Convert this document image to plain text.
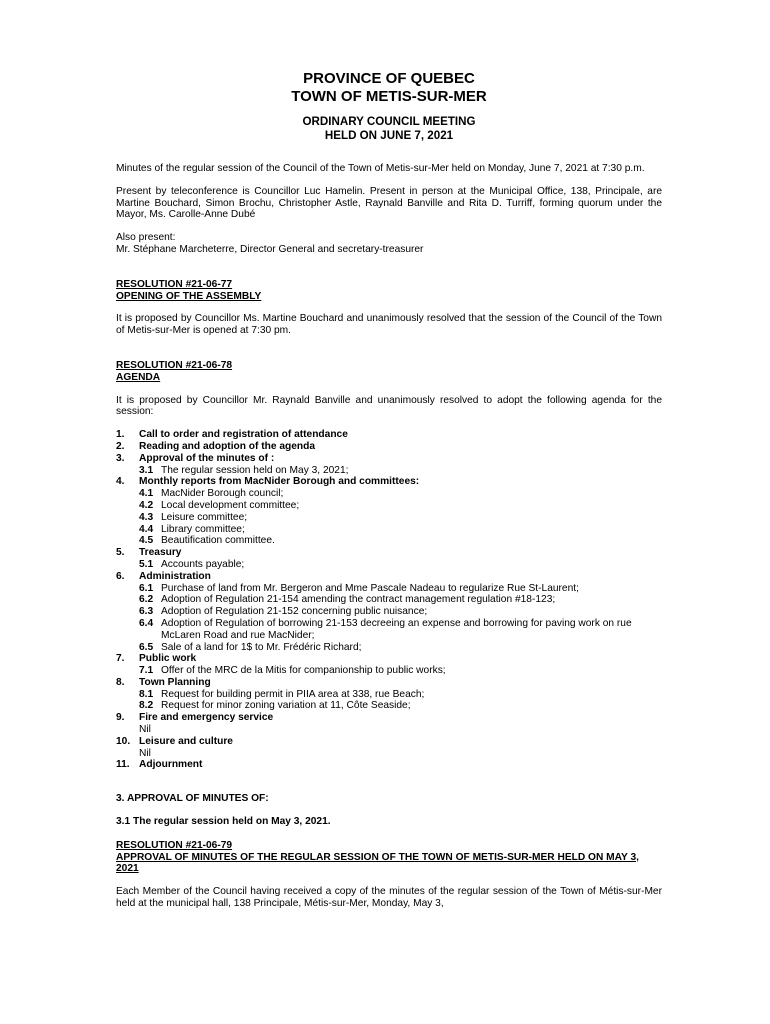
PROVINCE OF QUEBEC
TOWN OF METIS-SUR-MER
ORDINARY COUNCIL MEETING
HELD ON JUNE 7, 2021

Minutes of the regular session of the Council of the Town of Metis-sur-Mer held on Monday, June 7, 2021 at 7:30 p.m.

Present by teleconference is Councillor Luc Hamelin. Present in person at the Municipal Office, 138, Principale, are Martine Bouchard, Simon Brochu, Christopher Astle, Raynald Banville and Rita D. Turriff, forming quorum under the Mayor, Ms. Carolle-Anne Dubé

Also present:

Mr. Stéphane Marcheterre, Director General and secretary-treasurer

RESOLUTION #21-06-77
OPENING OF THE ASSEMBLY

It is proposed by Councillor Ms. Martine Bouchard and unanimously resolved that the session of the Council of the Town of Metis-sur-Mer is opened at 7:30 pm.

RESOLUTION #21-06-78
AGENDA

It is proposed by Councillor Mr. Raynald Banville and unanimously resolved to adopt the following agenda for the session:

1. Call to order and registration of attendance
2. Reading and adoption of the agenda
3. Approval of the minutes of :
3.1 The regular session held on May 3, 2021;
4. Monthly reports from MacNider Borough and committees:
4.1 MacNider Borough council;
4.2 Local development committee;
4.3 Leisure committee;
4.4 Library committee;
4.5 Beautification committee.
5. Treasury
5.1 Accounts payable;
6. Administration
6.1 Purchase of land from Mr. Bergeron and Mme Pascale Nadeau to regularize Rue St-Laurent;
6.2 Adoption of Regulation 21-154 amending the contract management regulation #18-123;
6.3 Adoption of Regulation 21-152 concerning public nuisance;
6.4 Adoption of Regulation of borrowing 21-153 decreeing an expense and borrowing for paving work on rue McLaren Road and rue MacNider;
6.5 Sale of a land for 1$ to Mr. Frédéric Richard;
7. Public work
7.1 Offer of the MRC de la Mitis for companionship to public works;
8. Town Planning
8.1 Request for building permit in PIIA area at 338, rue Beach;
8.2 Request for minor zoning variation at 11, Côte Seaside;
9. Fire and emergency service
Nil
10. Leisure and culture
Nil
11. Adjournment

3. APPROVAL OF MINUTES OF:

3.1 The regular session held on May 3, 2021.

RESOLUTION #21-06-79
APPROVAL OF MINUTES OF THE REGULAR SESSION OF THE TOWN OF METIS-SUR-MER HELD ON MAY 3, 2021

Each Member of the Council having received a copy of the minutes of the regular session of the Town of Métis-sur-Mer held at the municipal hall, 138 Principale, Métis-sur-Mer, Monday, May 3,
